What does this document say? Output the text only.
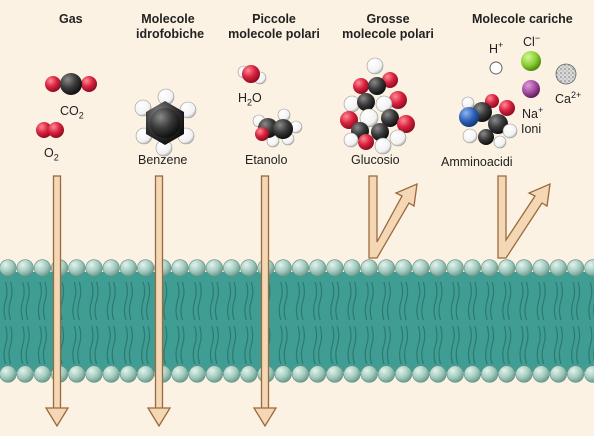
Gas	Molecole
idrofobiche
Piccole
molecole polari
Grosse
molecole polari
Molecole cariche
$CO_2$
$O_2$	Benzene
$H_2O$
Etanolo	Glucosio	Amminoacidi
H+ Cl−
Na+
$Ca^{2+}$
Ioni
